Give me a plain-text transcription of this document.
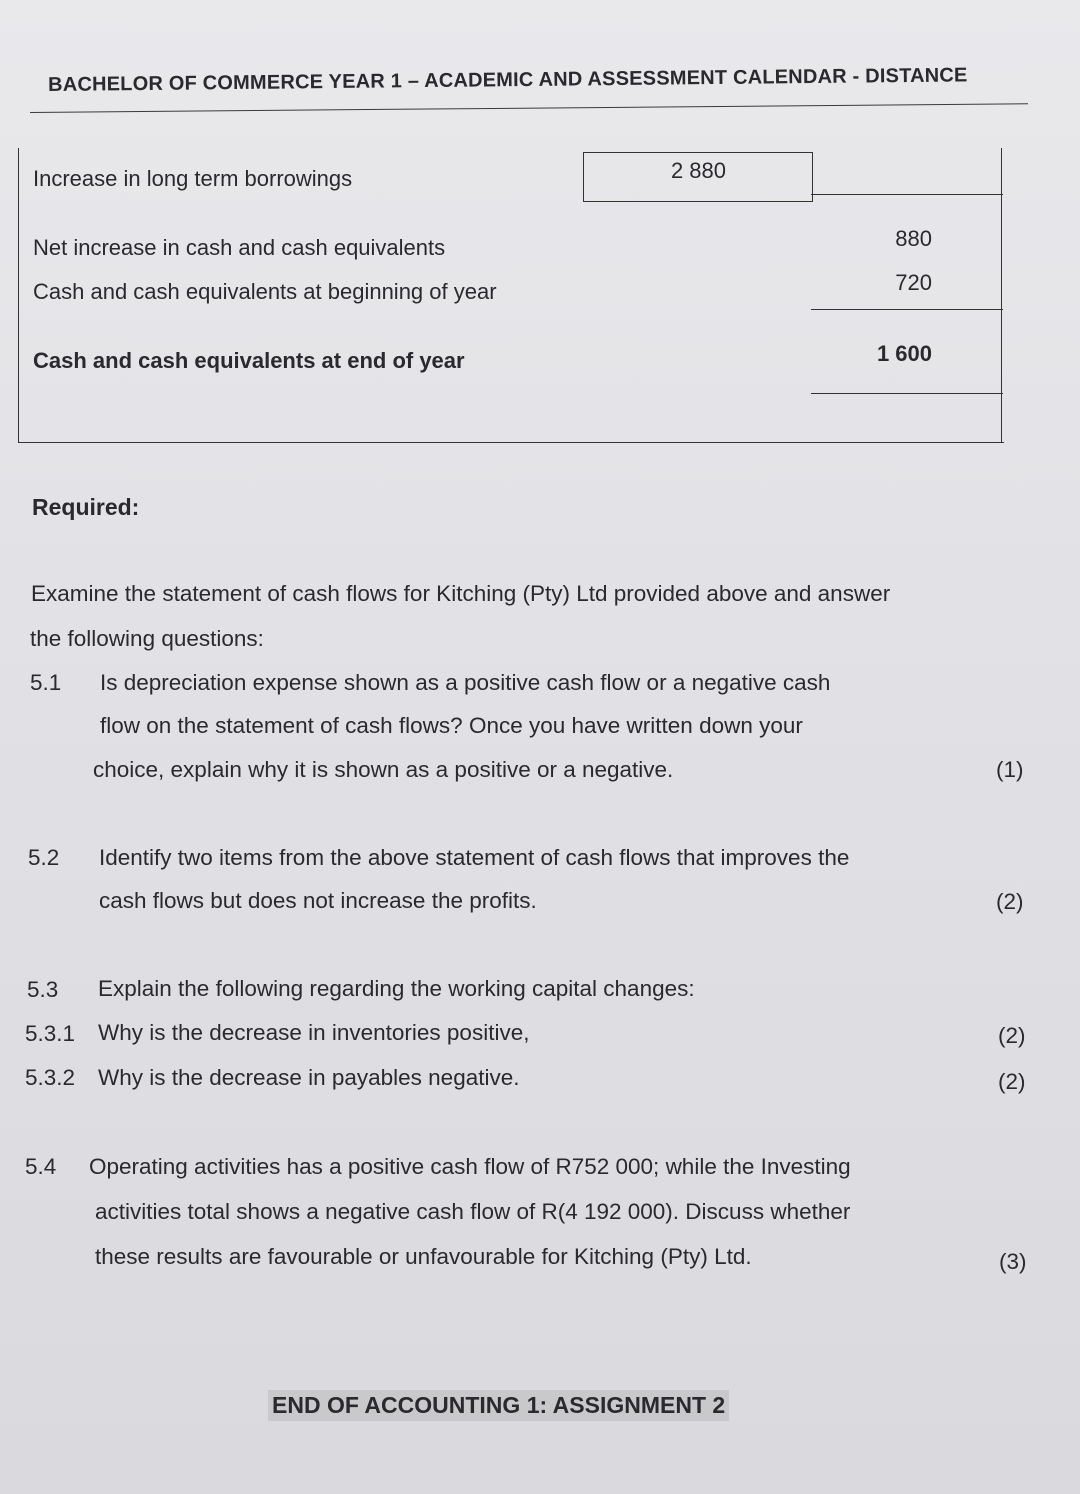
BACHELOR OF COMMERCE YEAR 1 – ACADEMIC AND ASSESSMENT CALENDAR - DISTANCE
Increase in long term borrowings	2 880
Net increase in cash and cash equivalents	880
Cash and cash equivalents at beginning of year	720
Cash and cash equivalents at end of year	1 600
Required:
Examine the statement of cash flows for Kitching (Pty) Ltd provided above and answer
the following questions:
5.1 Is depreciation expense shown as a positive cash flow or a negative cash
flow on the statement of cash flows? Once you have written down your
choice, explain why it is shown as a positive or a negative.	(1)
5.2 Identify two items from the above statement of cash flows that improves the
cash flows but does not increase the profits.	(2)
5.3 Explain the following regarding the working capital changes:
5.3.1 Why is the decrease in inventories positive,	(2)
5.3.2 Why is the decrease in payables negative.	(2)
5.4 Operating activities has a positive cash flow of R752 000; while the Investing
activities total shows a negative cash flow of R(4 192 000). Discuss whether
these results are favourable or unfavourable for Kitching (Pty) Ltd.	(3)
END OF ACCOUNTING 1: ASSIGNMENT 2
